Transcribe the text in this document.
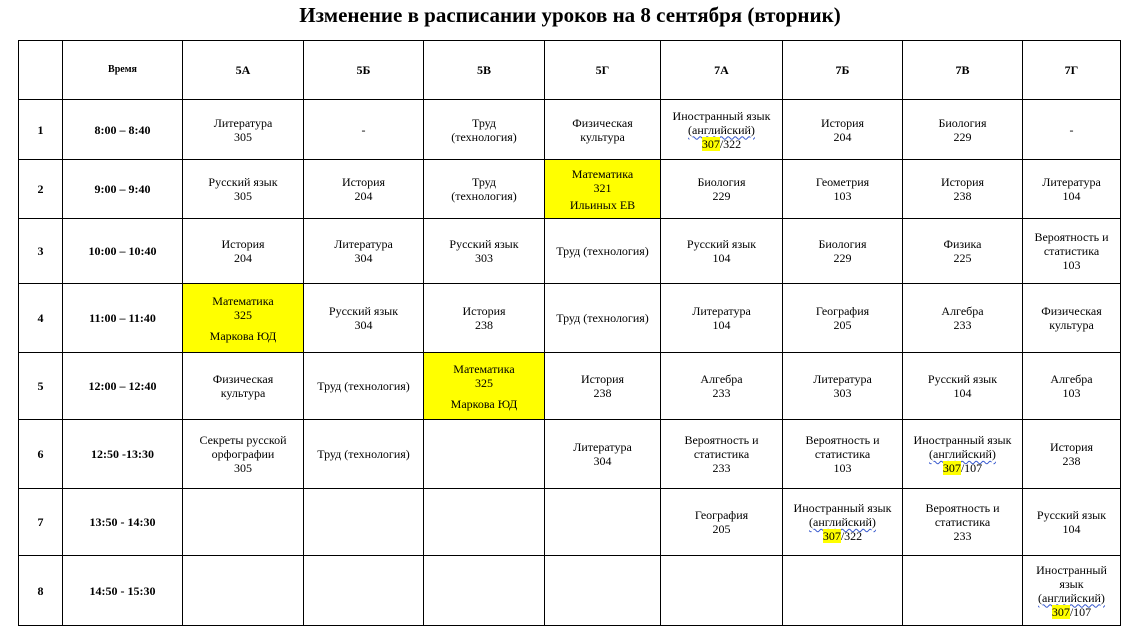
Изменение в расписании уроков на 8 сентября (вторник)
	Время	5А	5Б	5В	5Г	7А	7Б	7В	7Г
1	8:00 – 8:40	Литература
305	-	Труд
(технология)	Физическая
культура	Иностранный язык
(английский)
307/322	История
204	Биология
229	-

2	9:00 – 9:40	Русский язык
305	История
204	Труд
(технология)	Математика
321
Ильиных ЕВ	Биология
229	Геометрия
103	История
238	Литература
104

3	10:00 – 10:40	История
204	Литература
304	Русский язык
303	Труд (технология)	Русский язык
104	Биология
229	Физика
225	Вероятность и
статистика
103

4	11:00 – 11:40	Математика
325
Маркова ЮД	Русский язык
304	История
238	Труд (технология)	Литература
104	География
205	Алгебра
233	Физическая
культура

5	12:00 – 12:40	Физическая
культура	Труд (технология)	Математика
325
Маркова ЮД	История
238	Алгебра
233	Литература
303	Русский язык
104	Алгебра
103

6	12:50 -13:30	Секреты русской
орфографии
305	Труд (технология)		Литература
304	Вероятность и
статистика
233	Вероятность и
статистика
103	Иностранный язык
(английский)
307/107	История
238

7	13:50 - 14:30					География
205	Иностранный язык
(английский)
307/322	Вероятность и
статистика
233	Русский язык
104

8	14:50 - 15:30								Иностранный язык
(английский)
307/107
